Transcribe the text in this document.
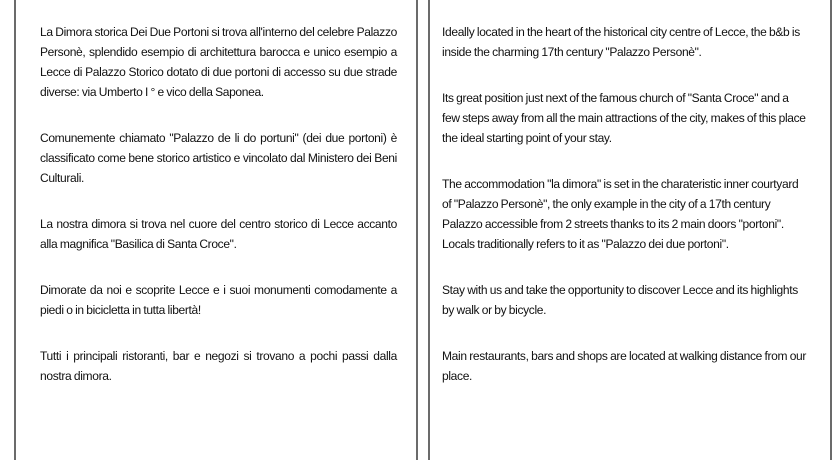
La Dimora storica Dei Due Portoni si trova all'interno del celebre Palazzo Personè, splendido esempio di architettura barocca e unico esempio a Lecce di Palazzo Storico dotato di due portoni di accesso su due strade diverse: via Umberto I ° e vico della Saponea.

Comunemente chiamato "Palazzo de li do portuni" (dei due portoni) è classificato come bene storico artistico e vincolato dal Ministero dei Beni Culturali.

La nostra dimora si trova nel cuore del centro storico di Lecce accanto alla magnifica "Basilica di Santa Croce".

Dimorate da noi e scoprite Lecce e i suoi monumenti comodamente a piedi o in bicicletta in tutta libertà!

Tutti i principali ristoranti, bar e negozi si trovano a pochi passi dalla nostra dimora.

Ideally located in the heart of the historical city centre of Lecce, the b&b is inside the charming 17th century "Palazzo Personè".

Its great position just next of the famous church of "Santa Croce" and a few steps away from all the main attractions of the city, makes of this place the ideal starting point of your stay.

The accommodation "la dimora" is set in the charateristic inner courtyard of "Palazzo Personè", the only example in the city of a 17th century Palazzo accessible from 2 streets thanks to its 2 main doors "portoni". Locals traditionally refers to it as "Palazzo dei due portoni".

Stay with us and take the opportunity to discover Lecce and its highlights by walk or by bicycle.

Main restaurants, bars and shops are located at walking distance from our place.
